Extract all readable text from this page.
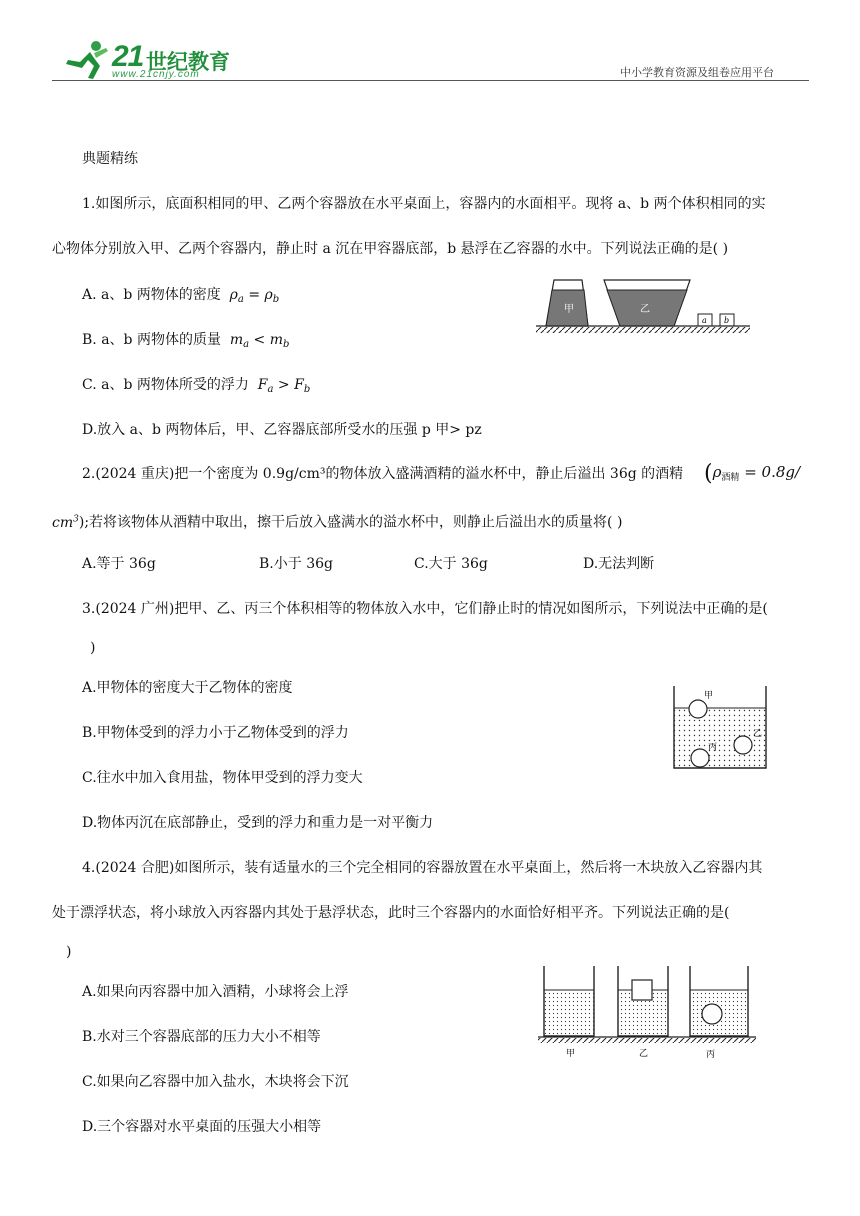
21 世纪教育
www.21cnjy.com	中小学教育资源及组卷应用平台
典题精练
1.如图所示，底面积相同的甲、乙两个容器放在水平桌面上，容器内的水面相平。现将 a、b 两个体积相同的实
心物体分别放入甲、乙两个容器内，静止时 a 沉在甲容器底部，b 悬浮在乙容器的水中。下列说法正确的是( )
A. a、b 两物体的密度  $\rho_a = \rho_b$
B. a、b 两物体的质量  $m_a < m_b$
C. a、b 两物体所受的浮力  $F_a > F_b$
D.放入 a、b 两物体后，甲、乙容器底部所受水的压强 p 甲> pz
甲	乙
a b
2.(2024 重庆)把一个密度为 0.9g/cm³的物体放入盛满酒精的溢水杯中，静止后溢出 36g 的酒精 ($\rho_{酒精} = 0.8g/$
$cm^3$);若将该物体从酒精中取出，擦干后放入盛满水的溢水杯中，则静止后溢出水的质量将( )
A.等于 36g	B.小于 36g	C.大于 36g	D.无法判断
3.(2024 广州)把甲、乙、丙三个体积相等的物体放入水中，它们静止时的情况如图所示，下列说法中正确的是(
)
A.甲物体的密度大于乙物体的密度
B.甲物体受到的浮力小于乙物体受到的浮力
C.往水中加入食用盐，物体甲受到的浮力变大
D.物体丙沉在底部静止，受到的浮力和重力是一对平衡力
甲
乙
丙
4.(2024 合肥)如图所示，装有适量水的三个完全相同的容器放置在水平桌面上，然后将一木块放入乙容器内其
处于漂浮状态，将小球放入丙容器内其处于悬浮状态，此时三个容器内的水面恰好相平齐。下列说法正确的是(
)
A.如果向丙容器中加入酒精，小球将会上浮
B.水对三个容器底部的压力大小不相等
C.如果向乙容器中加入盐水，木块将会下沉
D.三个容器对水平桌面的压强大小相等
甲	乙	丙
